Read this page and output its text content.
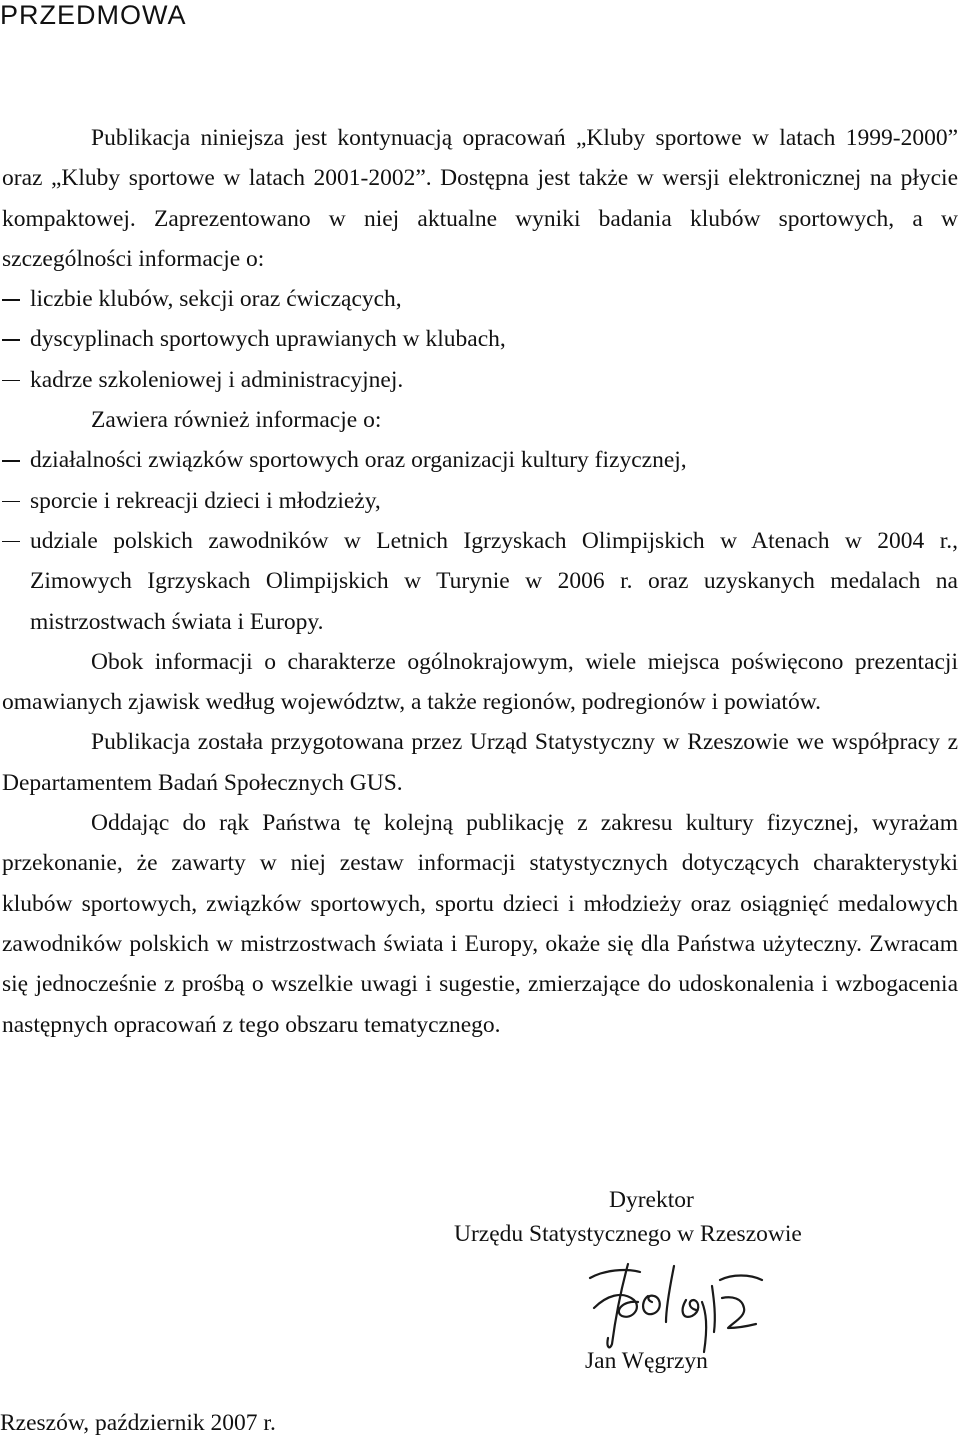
PRZEDMOWA

Publikacja niniejsza jest kontynuacją opracowań „Kluby sportowe w latach 1999-2000” oraz „Kluby sportowe w latach 2001-2002”. Dostępna jest także w wersji elektronicznej na płycie kompaktowej. Zaprezentowano w niej aktualne wyniki badania klubów sportowych, a w szczególności informacje o:

liczbie klubów, sekcji oraz ćwiczących,
dyscyplinach sportowych uprawianych w klubach,
kadrze szkoleniowej i administracyjnej.

Zawiera również informacje o:

działalności związków sportowych oraz organizacji kultury fizycznej,
sporcie i rekreacji dzieci i młodzieży,
udziale polskich zawodników w Letnich Igrzyskach Olimpijskich w Atenach w 2004 r., Zimowych Igrzyskach Olimpijskich w Turynie w 2006 r. oraz uzyskanych medalach na mistrzostwach świata i Europy.

Obok informacji o charakterze ogólnokrajowym, wiele miejsca poświęcono prezentacji omawianych zjawisk według województw, a także regionów, podregionów i powiatów.

Publikacja została przygotowana przez Urząd Statystyczny w Rzeszowie we współpracy z Departamentem Badań Społecznych GUS.

Oddając do rąk Państwa tę kolejną publikację z zakresu kultury fizycznej, wyrażam przekonanie, że zawarty w niej zestaw informacji statystycznych dotyczących charakterystyki klubów sportowych, związków sportowych, sportu dzieci i młodzieży oraz osiągnięć medalowych zawodników polskich w mistrzostwach świata i Europy, okaże się dla Państwa użyteczny. Zwracam się jednocześnie z prośbą o wszelkie uwagi i sugestie, zmierzające do udoskonalenia i wzbogacenia następnych opracowań z tego obszaru tematycznego.

Dyrektor
Urzędu Statystycznego w Rzeszowie
Jan Węgrzyn
Rzeszów, październik 2007 r.
